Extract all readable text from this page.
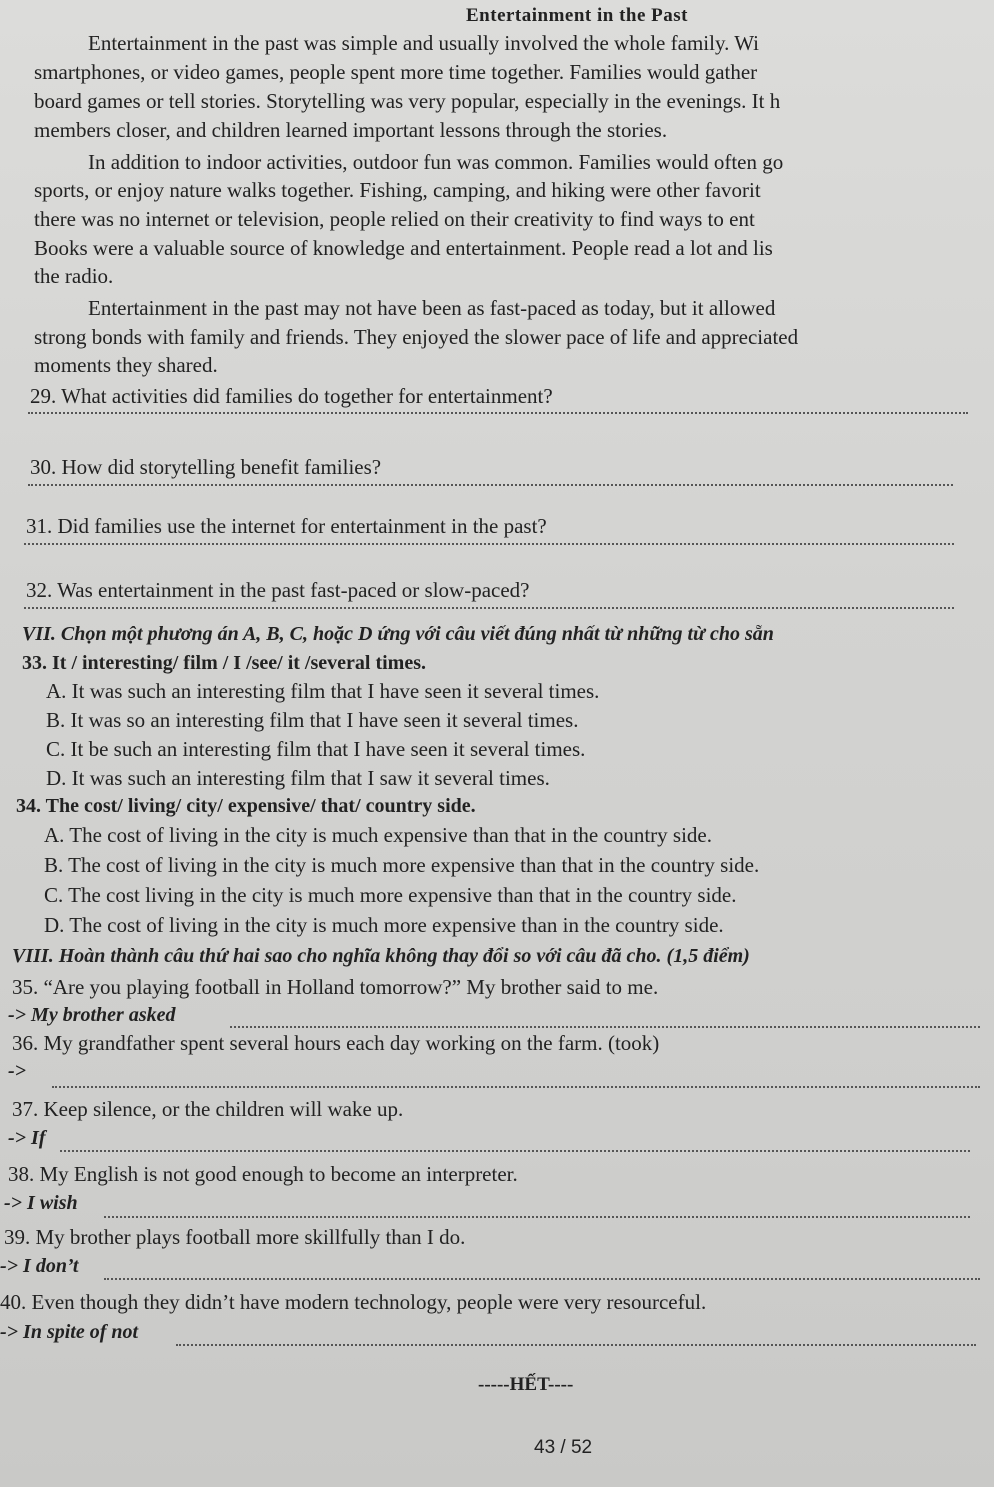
Entertainment in the Past
Entertainment in the past was simple and usually involved the whole family. Wi
smartphones, or video games, people spent more time together. Families would gather
board games or tell stories. Storytelling was very popular, especially in the evenings. It h
members closer, and children learned important lessons through the stories.
In addition to indoor activities, outdoor fun was common. Families would often go
sports, or enjoy nature walks together. Fishing, camping, and hiking were other favorit
there was no internet or television, people relied on their creativity to find ways to ent
Books were a valuable source of knowledge and entertainment. People read a lot and lis
the radio.
Entertainment in the past may not have been as fast-paced as today, but it allowed
strong bonds with family and friends. They enjoyed the slower pace of life and appreciated
moments they shared.
29. What activities did families do together for entertainment?
30. How did storytelling benefit families?
31. Did families use the internet for entertainment in the past?
32. Was entertainment in the past fast-paced or slow-paced?
VII. Chọn một phương án A, B, C, hoặc D ứng với câu viết đúng nhất từ những từ cho sẵn
33. It / interesting/ film / I /see/ it /several times.
A. It was such an interesting film that I have seen it several times.
B. It was so an interesting film that I have seen it several times.
C. It be such an interesting film that I have seen it several times.
D. It was such an interesting film that I saw it several times.
34. The cost/ living/ city/ expensive/ that/ country side.
A. The cost of living in the city is much expensive than that in the country side.
B. The cost of living in the city is much more expensive than that in the country side.
C. The cost living in the city is much more expensive than that in the country side.
D. The cost of living in the city is much more expensive than in the country side.
VIII. Hoàn thành câu thứ hai sao cho nghĩa không thay đổi so với câu đã cho. (1,5 điểm)
35. “Are you playing football in Holland tomorrow?” My brother said to me.
-> My brother asked
36. My grandfather spent several hours each day working on the farm. (took)
->
37. Keep silence, or the children will wake up.
-> If
38. My English is not good enough to become an interpreter.
-> I wish
39. My brother plays football more skillfully than I do.
-> I don’t
40. Even though they didn’t have modern technology, people were very resourceful.
-> In spite of not
-----HẾT----
43 / 52
